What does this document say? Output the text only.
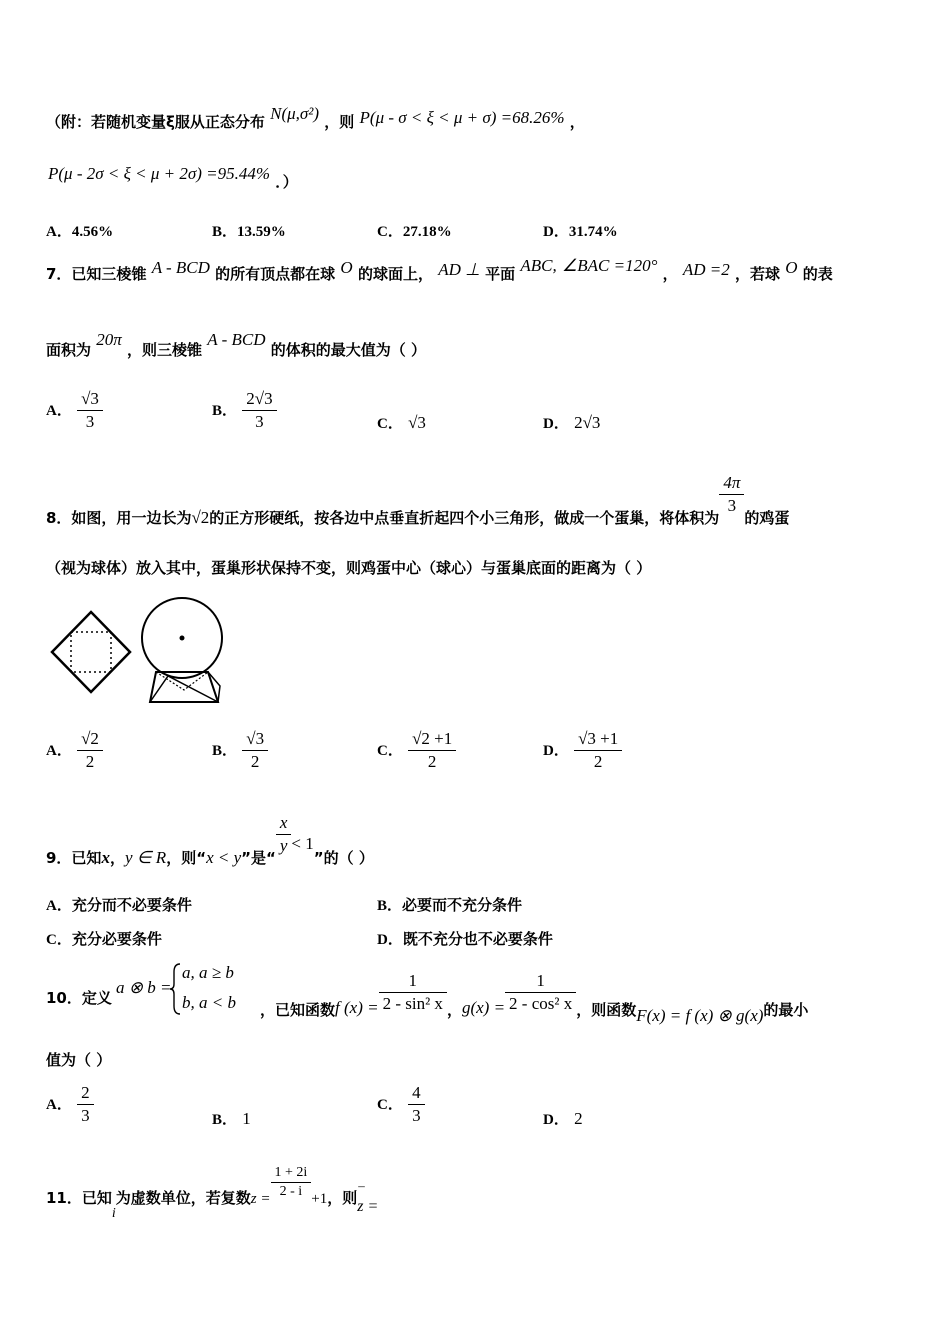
（附：若随机变量ξ服从正态分布 N(μ,σ²) ，则 P(μ - σ < ξ < μ + σ) =68.26% ，
P(μ - 2σ < ξ < μ + 2σ) =95.44% ．）
A．4.56%	B．13.59%	C．27.18%	D．31.74%
7．已知三棱锥 A - BCD 的所有顶点都在球 O 的球面上， AD ⊥ 平面 ABC, ∠BAC =120° ， AD =2 ，若球 O 的表
面积为 20π ，则三棱锥 A - BCD 的体积的最大值为（ ）
A． $\frac{√3}{3}$	B． $\frac{2√3}{3}$	C． √3	D． 2√3
8．如图，用一边长为√2的正方形硬纸，按各边中点垂直折起四个小三角形，做成一个蛋巢，将体积为
$\frac{4\pi}{3}$
的鸡蛋
（视为球体）放入其中，蛋巢形状保持不变，则鸡蛋中心（球心）与蛋巢底面的距离为（ ）
A． $\frac{√2}{2}$	B． $\frac{√3}{2}$	C． $\frac{√2 +1}{2}$	D． $\frac{√3 +1}{2}$
9．已知x，y ∈ R，则“x < y”是“
$\frac{x}{y} < 1$”的（ ）
A．充分而不必要条件	B．必要而不充分条件
C．充分必要条件	D．既不充分也不必要条件
10．定义
a ⊗ b =
a, a ≥ b
b, a < b ，已知函数f $(x) = \frac{1}{\text{2 - sin² x}}$ ，$g(x) = \frac{1}{\text{2 - cos² x}}$ ，则函数F(x) = f (x) ⊗ g(x)的最小
值为（ ）
A． $\frac{2}{3}$	B． 1
C． $\frac{4}{3}$	D． 2
11．已知i为虚数单位，若复数$z = \frac{1 + 2i}{2 - i} +1$，则
–
z =
